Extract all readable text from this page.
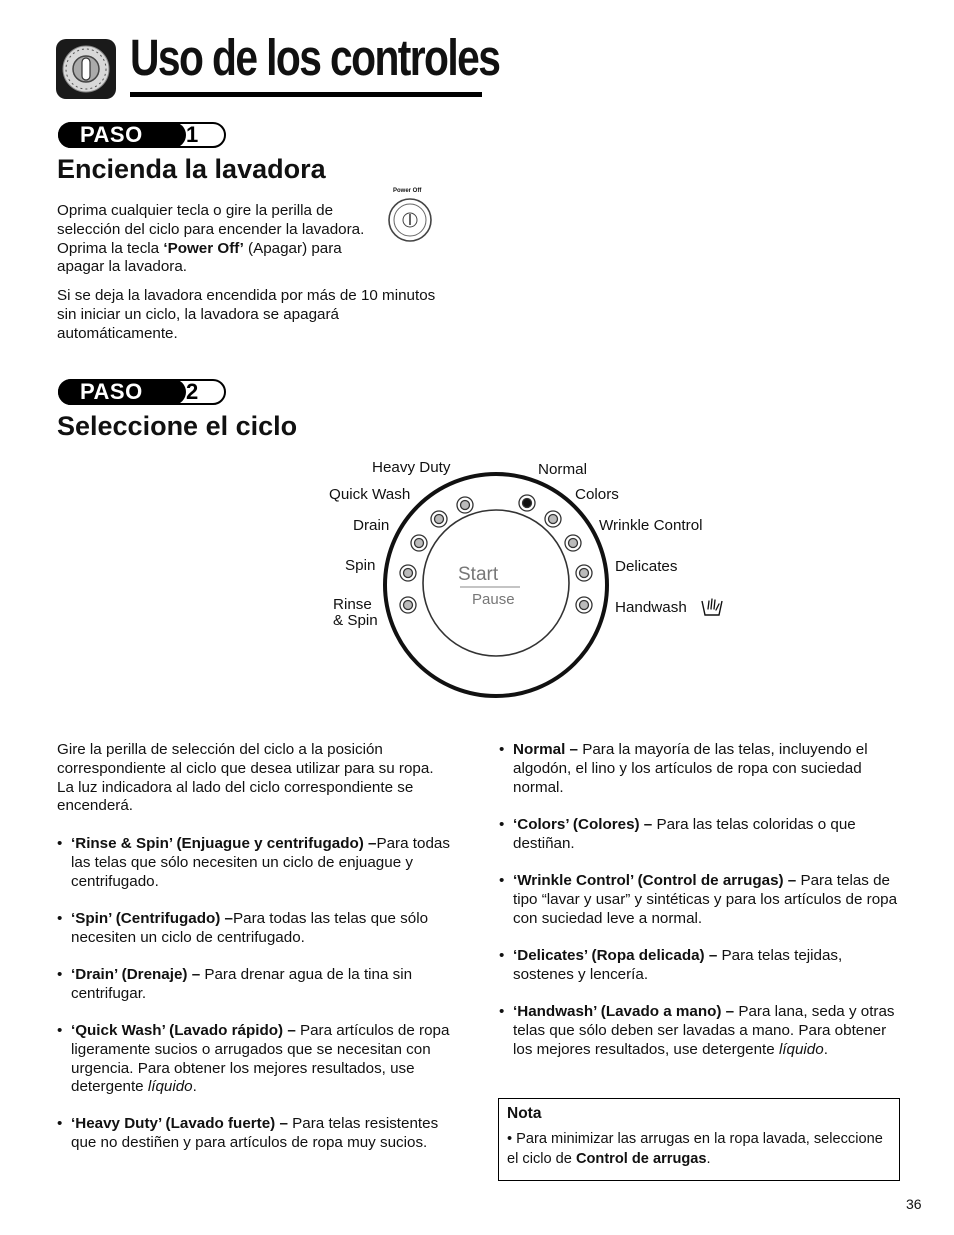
Uso de los controles
PASO 1
Encienda la lavadora
Oprima cualquier tecla o gire la perilla de selección del ciclo para encender la lavadora. Oprima la tecla ‘Power Off’ (Apagar) para apagar la lavadora.
Si se deja la lavadora encendida por más de 10 minutos sin iniciar un ciclo, la lavadora se apagará automáticamente.
Power Off
PASO 2
Seleccione el ciclo
Start
Pause
Heavy Duty	Normal
Quick Wash	Colors
Drain	Wrinkle Control
Spin	Delicates
Rinse
& Spin
Handwash
Gire la perilla de selección del ciclo a la posición correspondiente al ciclo que desea utilizar para su ropa. La luz indicadora al lado del ciclo correspondiente se encenderá.
• ‘Rinse & Spin’ (Enjuague y centrifugado) –Para todas las telas que sólo necesiten un ciclo de enjuague y centrifugado.
• ‘Spin’ (Centrifugado) –Para todas las telas que sólo necesiten un ciclo de centrifugado.
• ‘Drain’ (Drenaje) – Para drenar agua de la tina sin centrifugar.
• ‘Quick Wash’ (Lavado rápido) – Para artículos de ropa ligeramente sucios o arrugados que se necesitan con urgencia. Para obtener los mejores resultados, use detergente líquido.
• ‘Heavy Duty’ (Lavado fuerte) – Para telas resistentes que no destiñen y para artículos de ropa muy sucios.
• Normal – Para la mayoría de las telas, incluyendo el algodón, el lino y los artículos de ropa con suciedad normal.
• ‘Colors’ (Colores) – Para las telas coloridas o que destiñan.
• ‘Wrinkle Control’ (Control de arrugas) – Para telas de tipo “lavar y usar” y sintéticas y para los artículos de ropa con suciedad leve a normal.
• ‘Delicates’ (Ropa delicada) – Para telas tejidas, sostenes y lencería.
• ‘Handwash’ (Lavado a mano) – Para lana, seda y otras telas que sólo deben ser lavadas a mano. Para obtener los mejores resultados, use detergente líquido.
Nota
• Para minimizar las arrugas en la ropa lavada, seleccione el ciclo de Control de arrugas.
36
